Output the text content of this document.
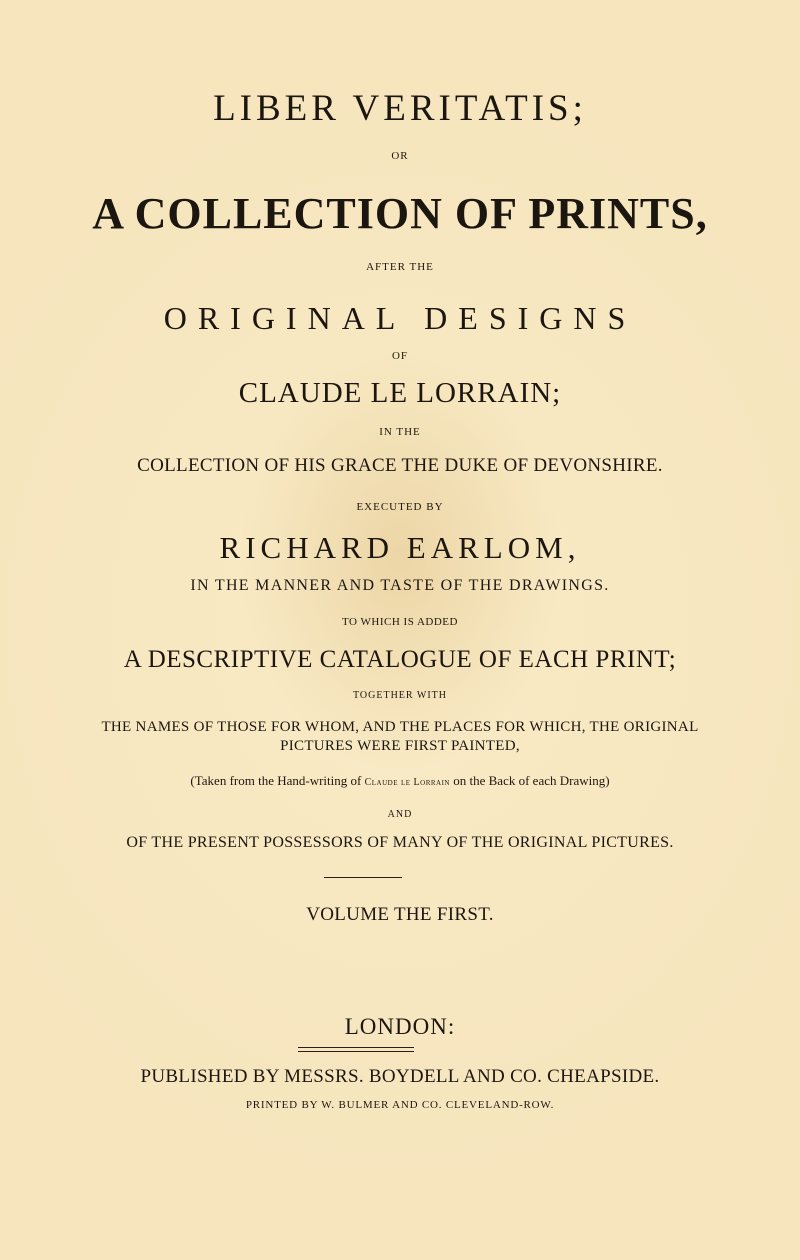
LIBER VERITATIS;

OR

A COLLECTION OF PRINTS,

AFTER THE

ORIGINAL DESIGNS

OF

CLAUDE LE LORRAIN;

IN THE

COLLECTION OF HIS GRACE THE DUKE OF DEVONSHIRE.

EXECUTED BY

RICHARD EARLOM,

IN THE MANNER AND TASTE OF THE DRAWINGS.

TO WHICH IS ADDED

A DESCRIPTIVE CATALOGUE OF EACH PRINT;

TOGETHER WITH

THE NAMES OF THOSE FOR WHOM, AND THE PLACES FOR WHICH, THE ORIGINAL

PICTURES WERE FIRST PAINTED,

(Taken from the Hand-writing of Claude le Lorrain on the Back of each Drawing)

AND

OF THE PRESENT POSSESSORS OF MANY OF THE ORIGINAL PICTURES.

VOLUME THE FIRST.

LONDON:

PUBLISHED BY MESSRS. BOYDELL AND CO. CHEAPSIDE.

PRINTED BY W. BULMER AND CO. CLEVELAND-ROW.
